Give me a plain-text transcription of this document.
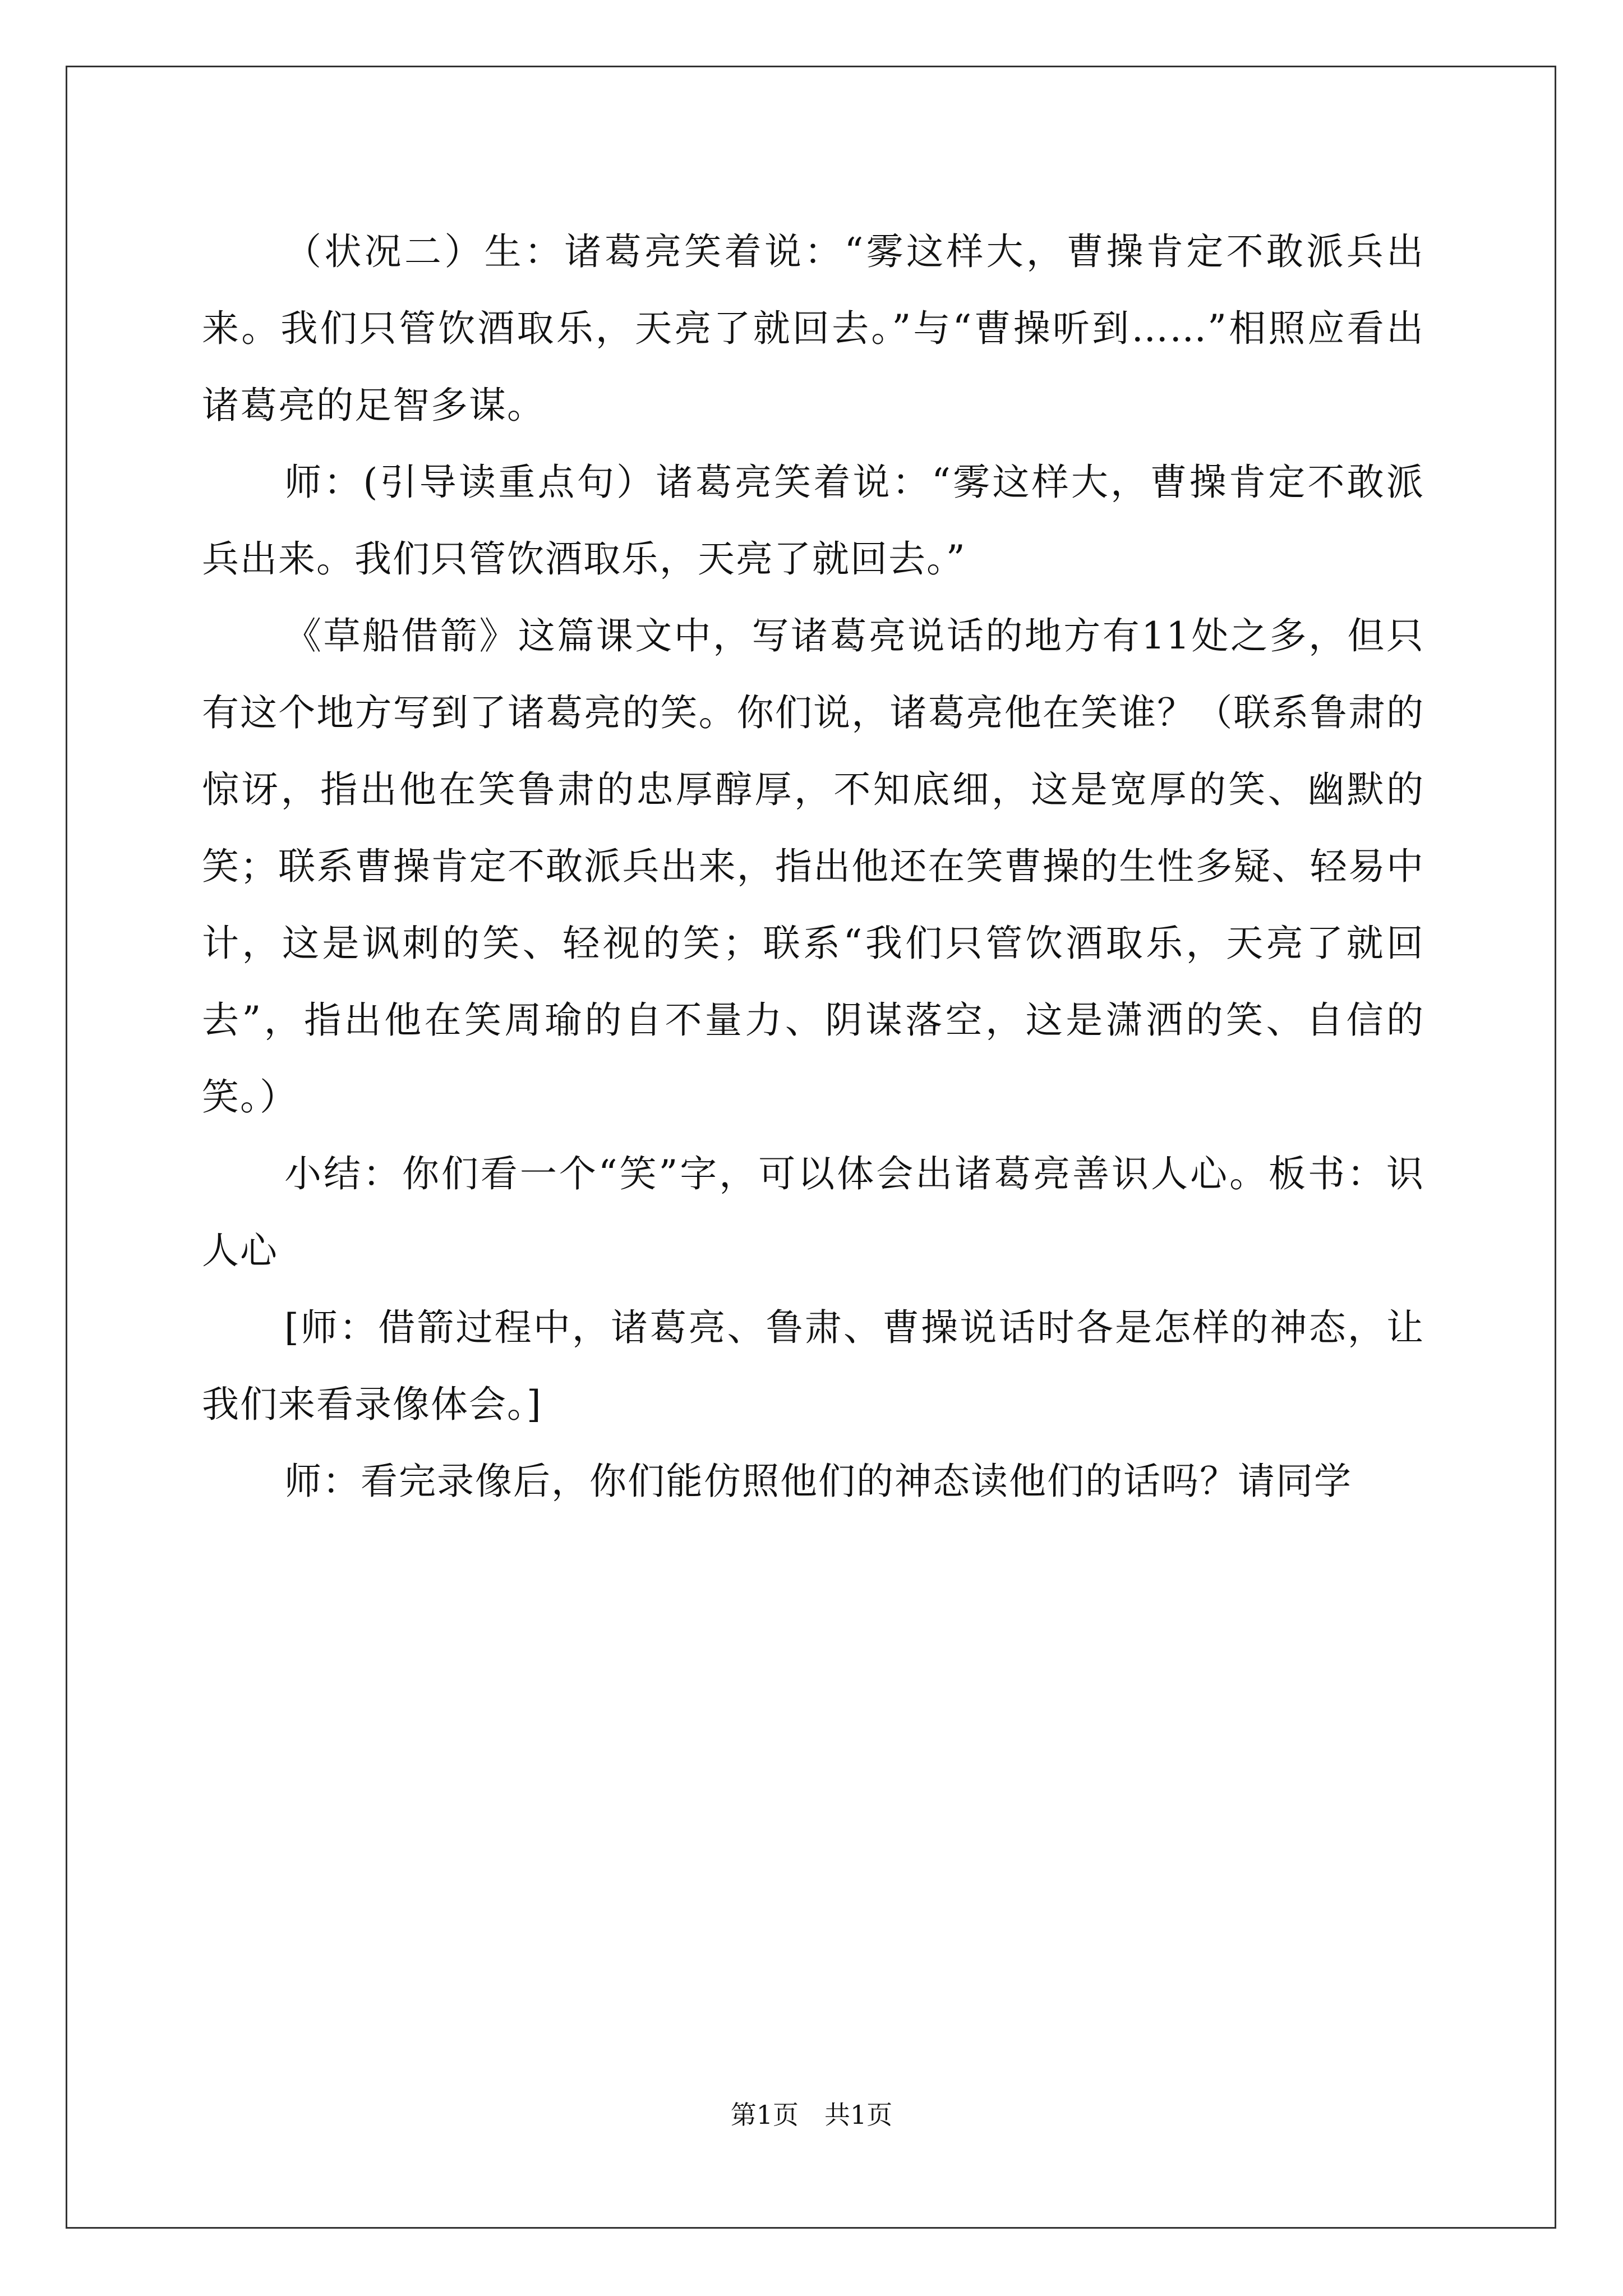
（状况二）生：诸葛亮笑着说：“雾这样大，曹操肯定不敢派兵出来。我们只管饮酒取乐，天亮了就回去。”与“曹操听到……”相照应看出诸葛亮的足智多谋。

师：(引导读重点句）诸葛亮笑着说：“雾这样大，曹操肯定不敢派兵出来。我们只管饮酒取乐，天亮了就回去。”

《草船借箭》这篇课文中，写诸葛亮说话的地方有11处之多，但只有这个地方写到了诸葛亮的笑。你们说，诸葛亮他在笑谁？（联系鲁肃的惊讶，指出他在笑鲁肃的忠厚醇厚，不知底细，这是宽厚的笑、幽默的笑；联系曹操肯定不敢派兵出来，指出他还在笑曹操的生性多疑、轻易中计，这是讽刺的笑、轻视的笑；联系“我们只管饮酒取乐，天亮了就回去”，指出他在笑周瑜的自不量力、阴谋落空，这是潇洒的笑、自信的笑。）

小结：你们看一个“笑”字，可以体会出诸葛亮善识人心。板书：识人心

[师：借箭过程中，诸葛亮、鲁肃、曹操说话时各是怎样的神态，让我们来看录像体会。]

师：看完录像后，你们能仿照他们的神态读他们的话吗？请同学

第1页　共1页
